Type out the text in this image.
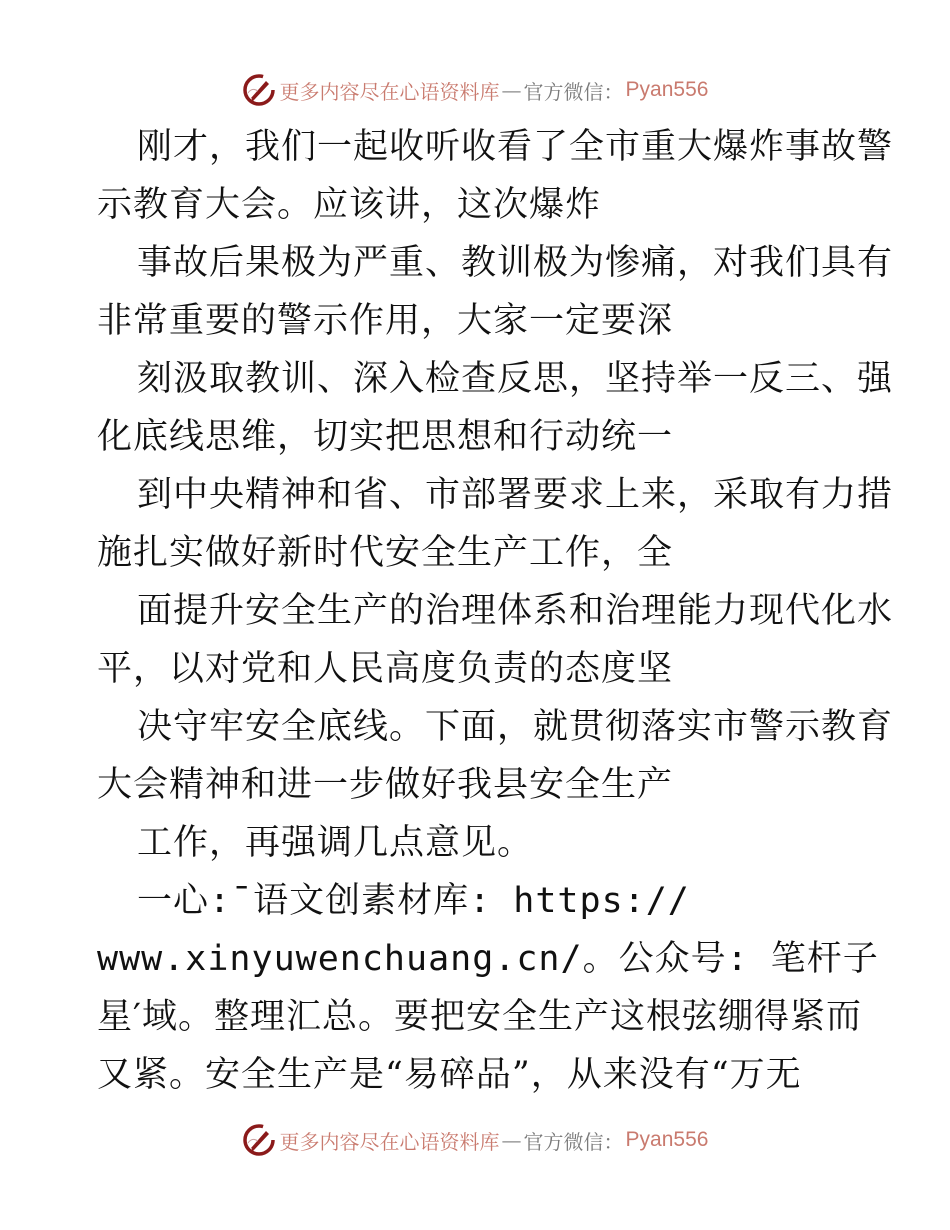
更多内容尽在心语资料库 — 官方微信： Pyan556
刚才，我们一起收听收看了全市重大爆炸事故警
示教育大会。应该讲，这次爆炸
事故后果极为严重、教训极为惨痛，对我们具有
非常重要的警示作用，大家一定要深
刻汲取教训、深入检查反思，坚持举一反三、强
化底线思维，切实把思想和行动统一
到中央精神和省、市部署要求上来，采取有力措
施扎实做好新时代安全生产工作，全
面提升安全生产的治理体系和治理能力现代化水
平，以对党和人民高度负责的态度坚
决守牢安全底线。下面，就贯彻落实市警示教育
大会精神和进一步做好我县安全生产
工作，再强调几点意见。
一心:¯语文创素材库: https://
www.xinyuwenchuang.cn/。公众号: 笔杆子
星′域。整理汇总。要把安全生产这根弦绷得紧而
又紧。安全生产是“易碎品”，从来没有“万无
更多内容尽在心语资料库 — 官方微信： Pyan556
